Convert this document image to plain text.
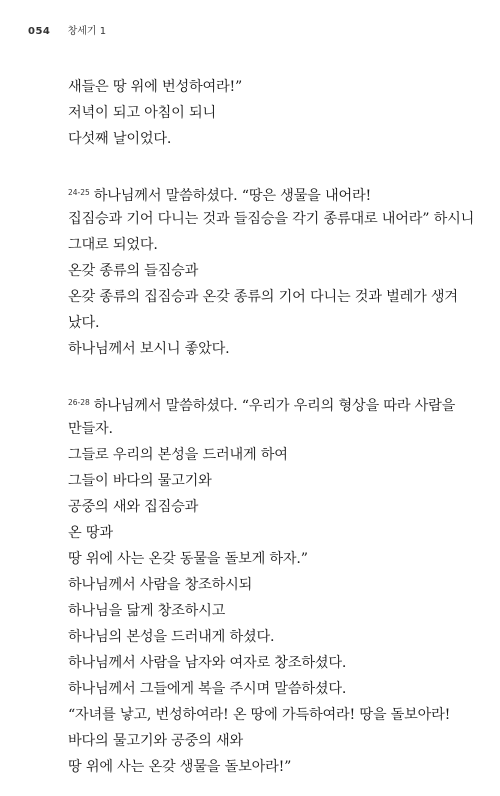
054 창세기 1
새들은 땅 위에 번성하여라!”
저녁이 되고 아침이 되니
다섯째 날이었다.
$^{24-25}$ 하나님께서 말씀하셨다. “땅은 생물을 내어라!
집짐승과 기어 다니는 것과 들짐승을 각기 종류대로 내어라” 하시니
그대로 되었다.
온갖 종류의 들짐승과
온갖 종류의 집짐승과 온갖 종류의 기어 다니는 것과 벌레가 생겨
났다.
하나님께서 보시니 좋았다.
$^{26-28}$ 하나님께서 말씀하셨다. “우리가 우리의 형상을 따라 사람을
만들자.
그들로 우리의 본성을 드러내게 하여
그들이 바다의 물고기와
공중의 새와 집짐승과
온 땅과
땅 위에 사는 온갖 동물을 돌보게 하자.”
하나님께서 사람을 창조하시되
하나님을 닮게 창조하시고
하나님의 본성을 드러내게 하셨다.
하나님께서 사람을 남자와 여자로 창조하셨다.
하나님께서 그들에게 복을 주시며 말씀하셨다.
“자녀를 낳고, 번성하여라! 온 땅에 가득하여라! 땅을 돌보아라!
바다의 물고기와 공중의 새와
땅 위에 사는 온갖 생물을 돌보아라!”
